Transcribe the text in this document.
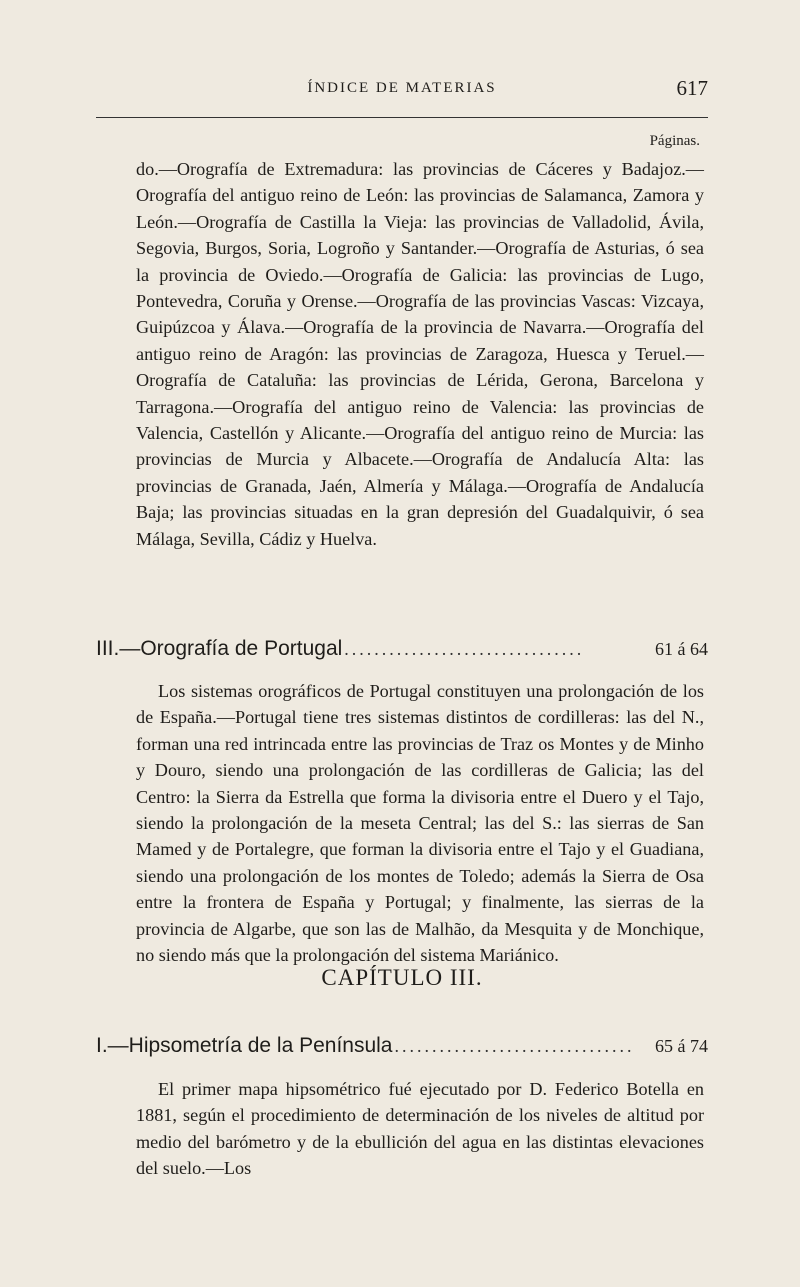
ÍNDICE DE MATERIAS	617
Páginas.

do.—Orografía de Extremadura: las provincias de Cáceres y Badajoz.—Orografía del antiguo reino de León: las provincias de Salamanca, Zamora y León.—Orografía de Castilla la Vieja: las provincias de Valladolid, Ávila, Segovia, Burgos, Soria, Logroño y Santander.—Orografía de Asturias, ó sea la provincia de Oviedo.—Orografía de Galicia: las provincias de Lugo, Pontevedra, Coruña y Orense.—Orografía de las provincias Vascas: Vizcaya, Guipúzcoa y Álava.—Orografía de la provincia de Navarra.—Orografía del antiguo reino de Aragón: las provincias de Zaragoza, Huesca y Teruel.—Orografía de Cataluña: las provincias de Lérida, Gerona, Barcelona y Tarragona.—Orografía del antiguo reino de Valencia: las provincias de Valencia, Castellón y Alicante.—Orografía del antiguo reino de Murcia: las provincias de Murcia y Albacete.—Orografía de Andalucía Alta: las provincias de Granada, Jaén, Almería y Málaga.—Orografía de Andalucía Baja; las provincias situadas en la gran depresión del Guadalquivir, ó sea Málaga, Sevilla, Cádiz y Huelva.

III.—Orografía de Portugal ................................	61 á 64

Los sistemas orográficos de Portugal constituyen una prolongación de los de España.—Portugal tiene tres sistemas distintos de cordilleras: las del N., forman una red intrincada entre las provincias de Traz os Montes y de Minho y Douro, siendo una prolongación de las cordilleras de Galicia; las del Centro: la Sierra da Estrella que forma la divisoria entre el Duero y el Tajo, siendo la prolongación de la meseta Central; las del S.: las sierras de San Mamed y de Portalegre, que forman la divisoria entre el Tajo y el Guadiana, siendo una prolongación de los montes de Toledo; además la Sierra de Osa entre la frontera de España y Portugal; y finalmente, las sierras de la provincia de Algarbe, que son las de Malhão, da Mesquita y de Monchique, no siendo más que la prolongación del sistema Mariánico.

CAPÍTULO III.
I.—Hipsometría de la Península ................................	65 á 74

El primer mapa hipsométrico fué ejecutado por D. Federico Botella en 1881, según el procedimiento de determinación de los niveles de altitud por medio del barómetro y de la ebullición del agua en las distintas elevaciones del suelo.—Los
